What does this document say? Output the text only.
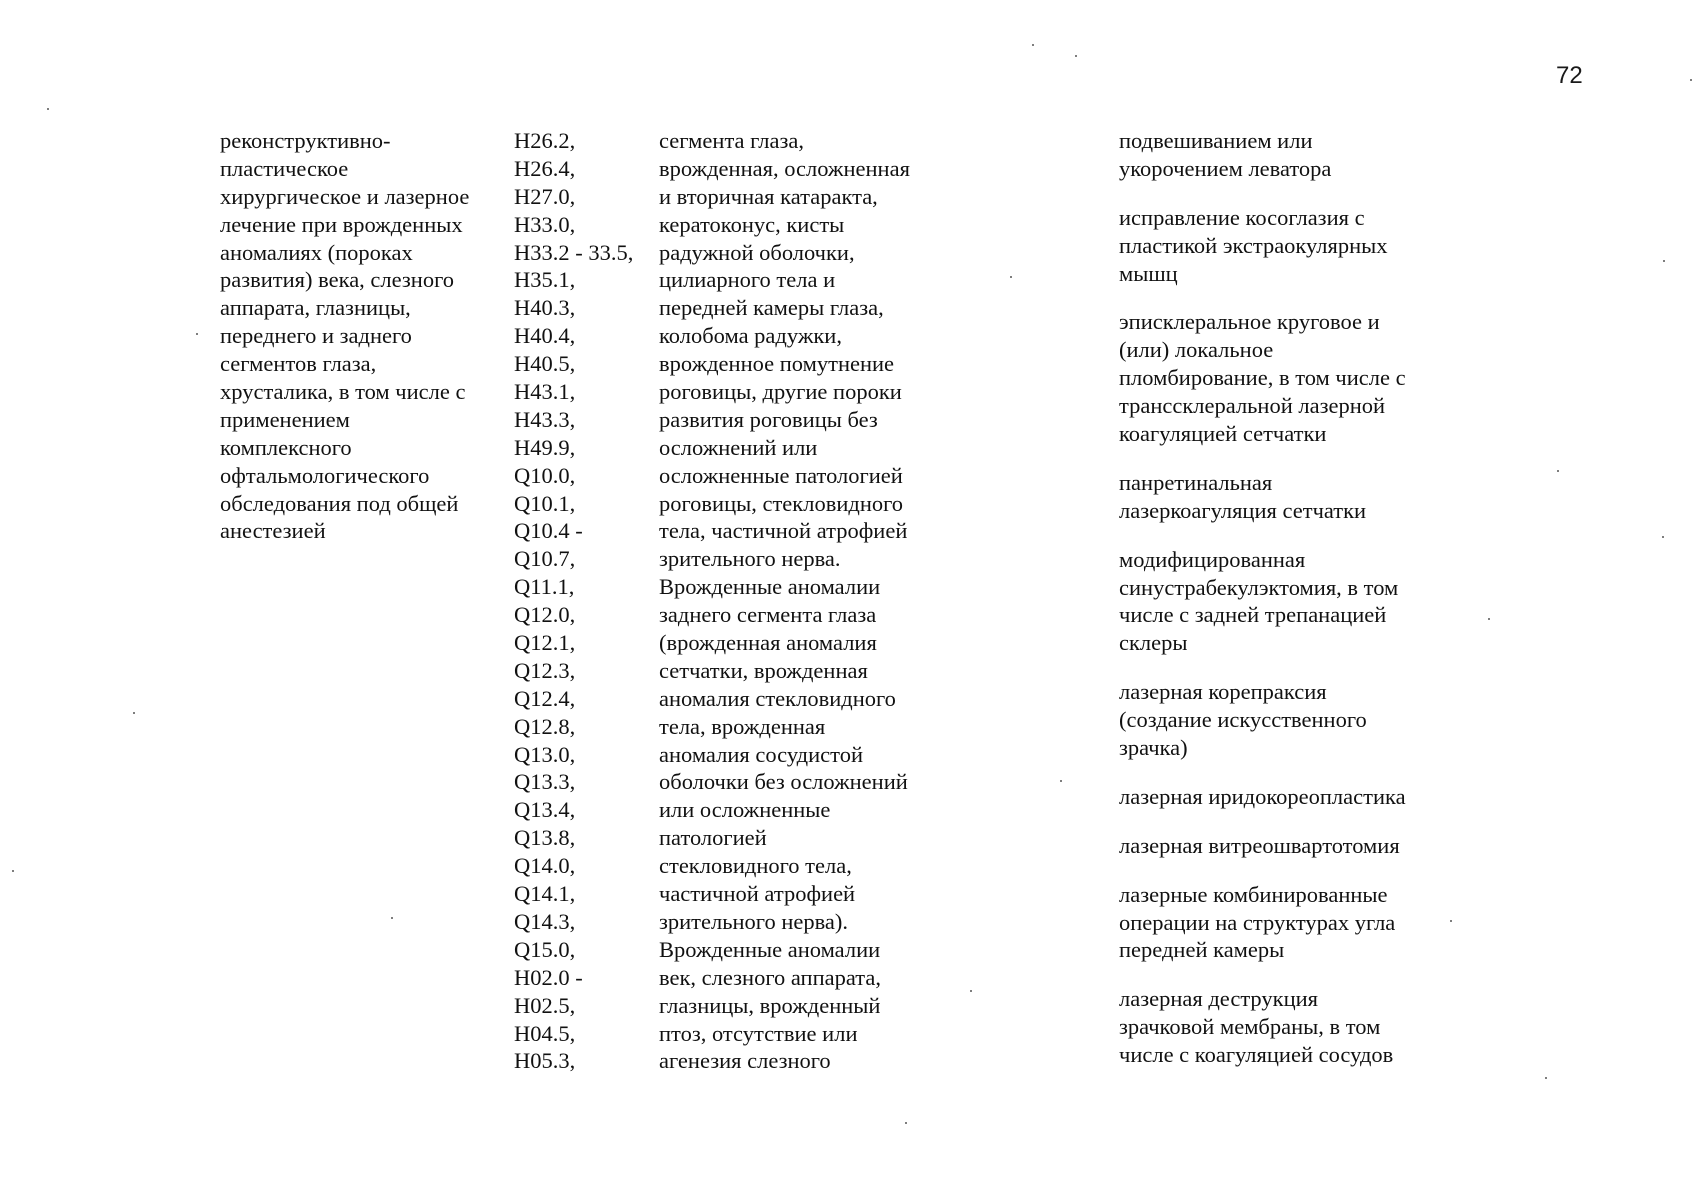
72
реконструктивно-
пластическое
хирургическое и лазерное
лечение при врожденных
аномалиях (пороках
развития) века, слезного
аппарата, глазницы,
переднего и заднего
сегментов глаза,
хрусталика, в том числе с
применением
комплексного
офтальмологического
обследования под общей
анестезией
H26.2,
H26.4,
H27.0,
H33.0,
H33.2 - 33.5,
H35.1,
H40.3,
H40.4,
H40.5,
H43.1,
H43.3,
H49.9,
Q10.0,
Q10.1,
Q10.4 -
Q10.7,
Q11.1,
Q12.0,
Q12.1,
Q12.3,
Q12.4,
Q12.8,
Q13.0,
Q13.3,
Q13.4,
Q13.8,
Q14.0,
Q14.1,
Q14.3,
Q15.0,
H02.0 -
H02.5,
H04.5,
H05.3,
сегмента глаза,
врожденная, осложненная
и вторичная катаракта,
кератоконус, кисты
радужной оболочки,
цилиарного тела и
передней камеры глаза,
колобома радужки,
врожденное помутнение
роговицы, другие пороки
развития роговицы без
осложнений или
осложненные патологией
роговицы, стекловидного
тела, частичной атрофией
зрительного нерва.
Врожденные аномалии
заднего сегмента глаза
(врожденная аномалия
сетчатки, врожденная
аномалия стекловидного
тела, врожденная
аномалия сосудистой
оболочки без осложнений
или осложненные
патологией
стекловидного тела,
частичной атрофией
зрительного нерва).
Врожденные аномалии
век, слезного аппарата,
глазницы, врожденный
птоз, отсутствие или
агенезия слезного
подвешиванием или
укорочением леватора
исправление косоглазия с
пластикой экстраокулярных
мышц
эписклеральное круговое и
(или) локальное
пломбирование, в том числе с
транссклеральной лазерной
коагуляцией сетчатки
панретинальная
лазеркоагуляция сетчатки
модифицированная
синустрабекулэктомия, в том
числе с задней трепанацией
склеры
лазерная корепраксия
(создание искусственного
зрачка)
лазерная иридокореопластика
лазерная витреошвартотомия
лазерные комбинированные
операции на структурах угла
передней камеры
лазерная деструкция
зрачковой мембраны, в том
числе с коагуляцией сосудов
